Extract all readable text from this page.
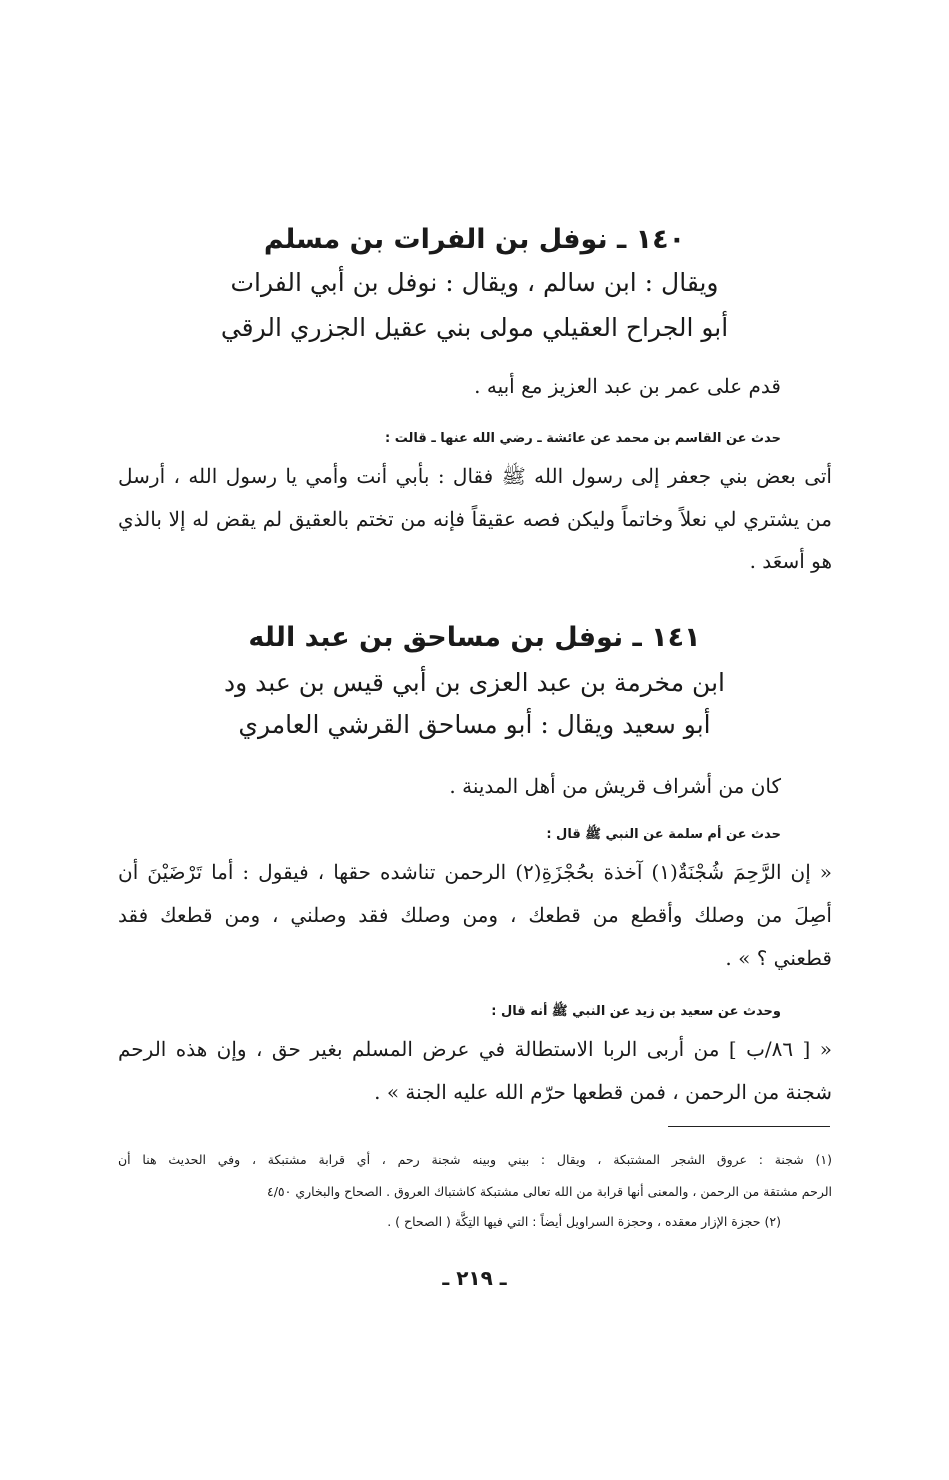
١٤٠ ـ نوفل بن الفرات بن مسلم
ويقال : ابن سالم ، ويقال : نوفل بن أبي الفرات
أبو الجراح العقيلي مولى بني عقيل الجزري الرقي
قدم على عمر بن عبد العزيز مع أبيه .
حدث عن القاسم بن محمد عن عائشة ـ رضي الله عنها ـ قالت :
أتى بعض بني جعفر إلى رسول الله ﷺ فقال : بأبي أنت وأمي يا رسول الله ، أرسل
من يشتري لي نعلاً وخاتماً وليكن فصه عقيقاً فإنه من تختم بالعقيق لم يقض له إلا بالذي
هو أسعَد .
١٤١ ـ نوفل بن مساحق بن عبد الله
ابن مخرمة بن عبد العزى بن أبي قيس بن عبد ود
أبو سعيد ويقال : أبو مساحق القرشي العامري
كان من أشراف قريش من أهل المدينة .
حدث عن أم سلمة عن النبي ﷺ قال :
« إن الرَّحِمَ شُجْنَةٌ(١) آخذة بحُجْزَةِ(٢) الرحمن تناشده حقها ، فيقول : أما تَرْضَيْنَ أن
أصِلَ من وصلك وأقطع من قطعك ، ومن وصلك فقد وصلني ، ومن قطعك فقد
قطعني ؟ » .
وحدث عن سعيد بن زيد عن النبي ﷺ أنه قال :
« [ ٨٦/ب ] من أربى الربا الاستطالة في عرض المسلم بغير حق ، وإن هذه الرحم
شجنة من الرحمن ، فمن قطعها حرّم الله عليه الجنة » .
(١) شجنة : عروق الشجر المشتبكة ، ويقال : بيني وبينه شجنة رحم ، أي قرابة مشتبكة ، وفي الحديث هنا أن
الرحم مشتقة من الرحمن ، والمعنى أنها قرابة من الله تعالى مشتبكة كاشتباك العروق . الصحاح والبخاري ٤/٥٠
(٢) حجزة الإزار معقده ، وحجزة السراويل أيضاً : التي فيها التِكَّة ( الصحاح ) .
ـ ٢١٩ ـ
